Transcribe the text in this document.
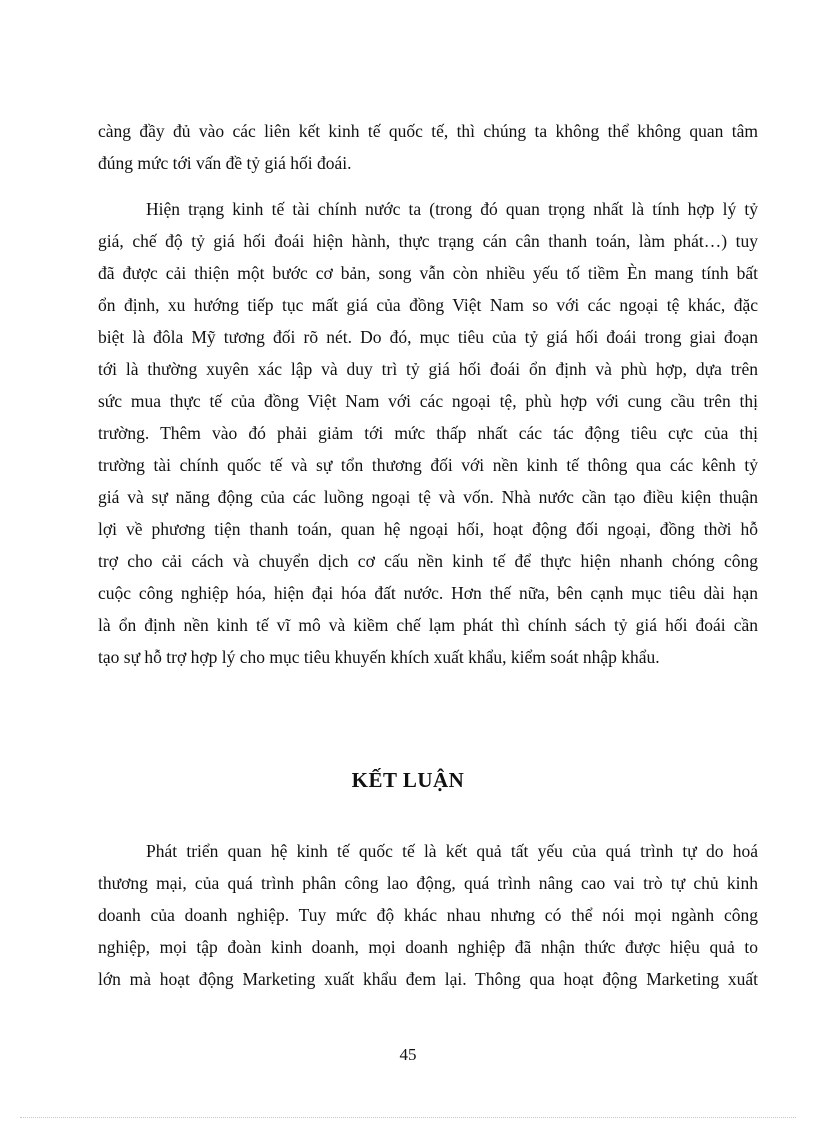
càng đầy đủ vào các liên kết kinh tế quốc tế, thì chúng ta không thể không quan tâm
đúng mức tới vấn đề tỷ giá hối đoái.
Hiện trạng kinh tế tài chính nước ta (trong đó quan trọng nhất là tính hợp lý tỷ
giá, chế độ tỷ giá hối đoái hiện hành, thực trạng cán cân thanh toán, làm phát…) tuy
đã được cải thiện một bước cơ bản, song vẫn còn nhiều yếu tố tiềm Èn mang tính bất
ổn định, xu hướng tiếp tục mất giá của đồng Việt Nam so với các ngoại tệ khác, đặc
biệt là đôla Mỹ tương đối rõ nét. Do đó, mục tiêu của tỷ giá hối đoái trong giai đoạn
tới là thường xuyên xác lập và duy trì tỷ giá hối đoái ổn định và phù hợp, dựa trên
sức mua thực tế của đồng Việt Nam với các ngoại tệ, phù hợp với cung cầu trên thị
trường. Thêm vào đó phải giảm tới mức thấp nhất các tác động tiêu cực của thị
trường tài chính quốc tế và sự tổn thương đối với nền kinh tế thông qua các kênh tỷ
giá và sự năng động của các luồng ngoại tệ và vốn. Nhà nước cần tạo điều kiện thuận
lợi về phương tiện thanh toán, quan hệ ngoại hối, hoạt động đối ngoại, đồng thời hỗ
trợ cho cải cách và chuyển dịch cơ cấu nền kinh tế để thực hiện nhanh chóng công
cuộc công nghiệp hóa, hiện đại hóa đất nước. Hơn thế nữa, bên cạnh mục tiêu dài hạn
là ổn định nền kinh tế vĩ mô và kiềm chế lạm phát thì chính sách tỷ giá hối đoái cần
tạo sự hỗ trợ hợp lý cho mục tiêu khuyến khích xuất khẩu, kiểm soát nhập khẩu.
KẾT LUẬN
Phát triển quan hệ kinh tế quốc tế là kết quả tất yếu của quá trình tự do hoá
thương mại, của quá trình phân công lao động, quá trình nâng cao vai trò tự chủ kinh
doanh của doanh nghiệp. Tuy mức độ khác nhau nhưng có thể nói mọi ngành công
nghiệp, mọi tập đoàn kinh doanh, mọi doanh nghiệp đã nhận thức được hiệu quả to
lớn mà hoạt động Marketing xuất khẩu đem lại. Thông qua hoạt động Marketing xuất
45
